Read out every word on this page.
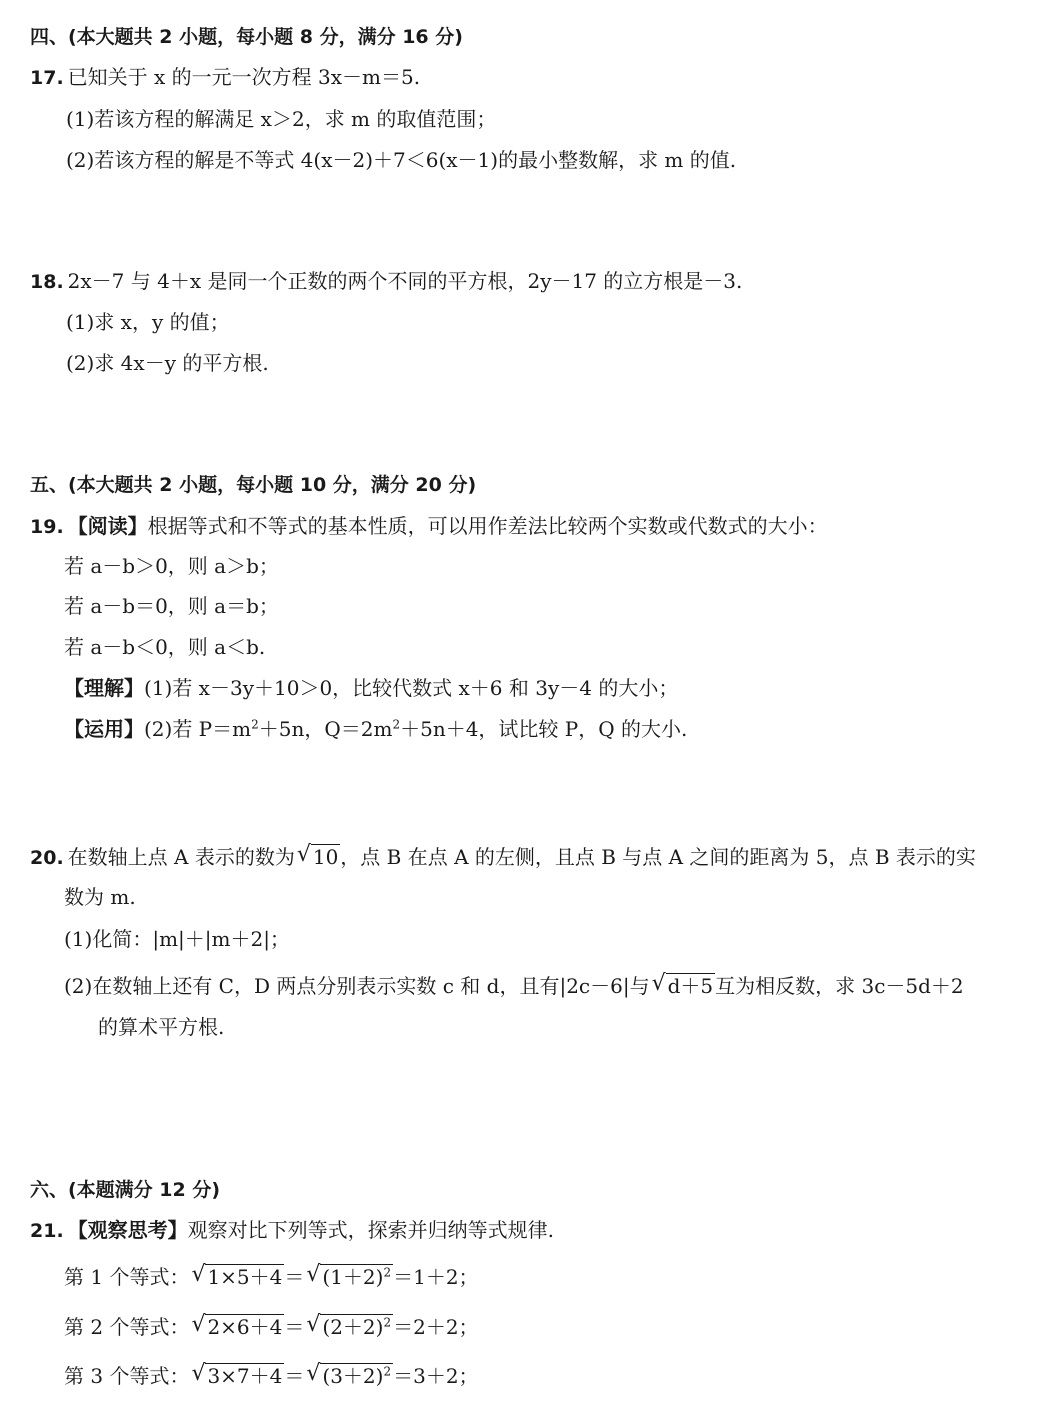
四、(本大题共 2 小题，每小题 8 分，满分 16 分)
17. 已知关于 x 的一元一次方程 3x－m＝5.
(1)若该方程的解满足 x＞2，求 m 的取值范围；
(2)若该方程的解是不等式 4(x－2)＋7＜6(x－1)的最小整数解，求 m 的值.
18. 2x－7 与 4＋x 是同一个正数的两个不同的平方根，2y－17 的立方根是－3.
(1)求 x，y 的值；
(2)求 4x－y 的平方根.
五、(本大题共 2 小题，每小题 10 分，满分 20 分)
19. 【阅读】根据等式和不等式的基本性质，可以用作差法比较两个实数或代数式的大小：
若 a－b＞0，则 a＞b；
若 a－b＝0，则 a＝b；
若 a－b＜0，则 a＜b.
【理解】(1)若 x－3y＋10＞0，比较代数式 x＋6 和 3y－4 的大小；
【运用】(2)若 $P=m^2+5n$，$Q=2m^2+5n+4$，试比较 P，Q 的大小.
20. 在数轴上点 A 表示的数为 √ 10 ，点 B 在点 A 的左侧，且点 B 与点 A 之间的距离为 5，点 B 表示的实
数为 m.
(1)化简：|m|＋|m＋2|；
(2)在数轴上还有 C，D 两点分别表示实数 c 和 d，且有|2c－6|与 √ d＋5 互为相反数，求 3c－5d＋2
的算术平方根.
六、(本题满分 12 分)
21. 【观察思考】观察对比下列等式，探索并归纳等式规律.
第 1 个等式： √ 1×5＋4 ＝ √ $(1+2)^2 =1+2$；
第 2 个等式： √ 2×6＋4 ＝ √ $(2+2)^2 =2+2$；
第 3 个等式： √ 3×7＋4 ＝ √ $(3+2)^2 =3+2$；
